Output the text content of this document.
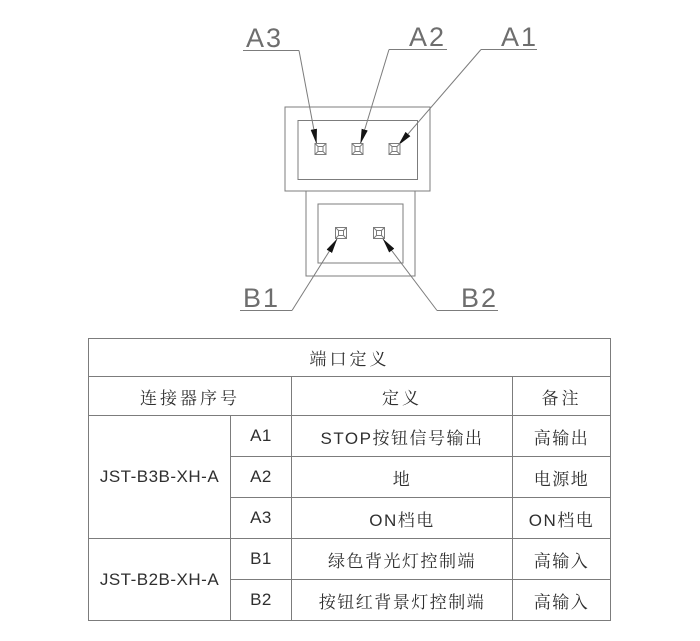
A3	A2 A1
B1	B2
端口定义			
连接器序号		定义	备注
JST-B3B-XH-A	A1	STOP按钮信号输出	高输出
	A2	地	电源地
	A3	ON档电	ON档电
JST-B2B-XH-A	B1	绿色背光灯控制端	高输入
	B2	按钮红背景灯控制端	高输入
